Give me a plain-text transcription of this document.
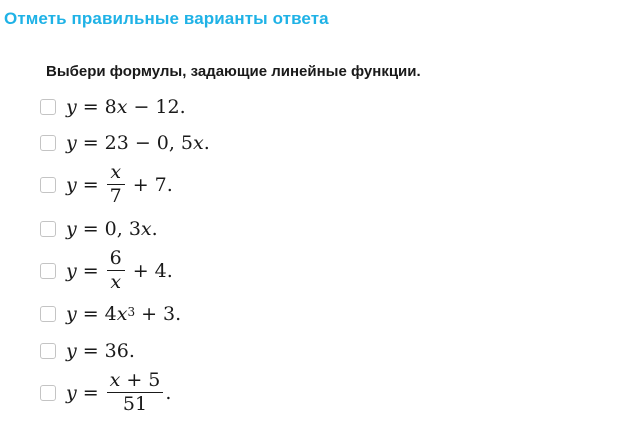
Отметь правильные варианты ответа
Выбери формулы, задающие линейные функции.
y = 8 x − 12 .
y = 23 − 0, 5 x .
$y = \frac{x}{7} + 7$ .
y = 0, 3 x .
$y = \frac{6}{x} + 4$ .
y = 4 $x^3 + 3$ .
y = 36 .
$y = \frac{x + 5}{51}$ .
